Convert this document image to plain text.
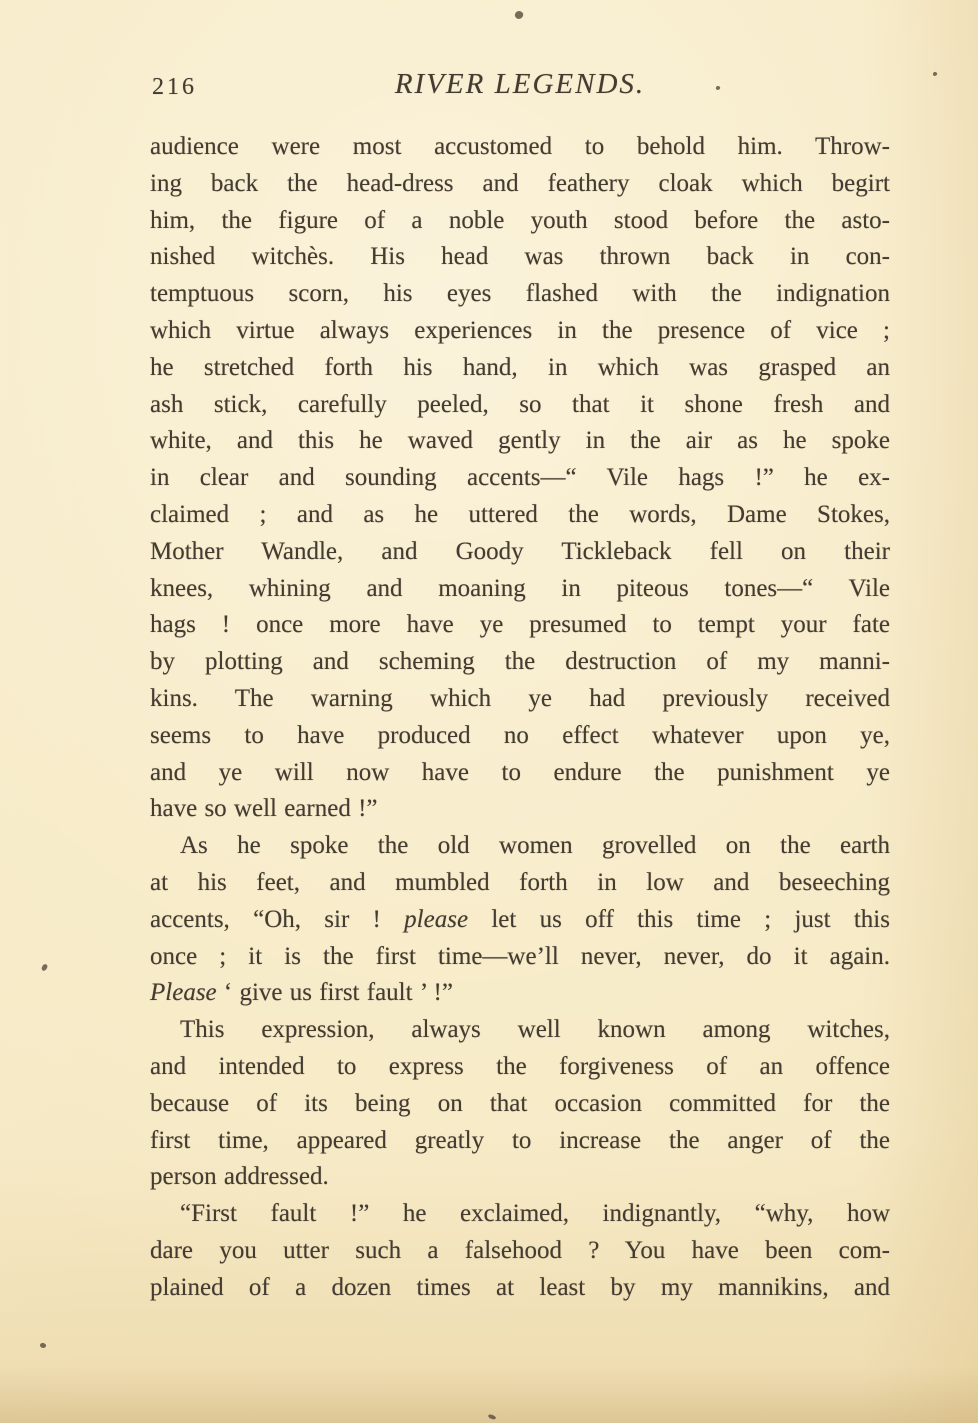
216	RIVER LEGENDS.
audience were most accustomed to behold him. Throw-
ing back the head-dress and feathery cloak which begirt
him, the figure of a noble youth stood before the asto-
nished witchès. His head was thrown back in con-
temptuous scorn, his eyes flashed with the indignation
which virtue always experiences in the presence of vice ;
he stretched forth his hand, in which was grasped an
ash stick, carefully peeled, so that it shone fresh and
white, and this he waved gently in the air as he spoke
in clear and sounding accents—“ Vile hags !” he ex-
claimed ; and as he uttered the words, Dame Stokes,
Mother Wandle, and Goody Tickleback fell on their
knees, whining and moaning in piteous tones—“ Vile
hags ! once more have ye presumed to tempt your fate
by plotting and scheming the destruction of my manni-
kins. The warning which ye had previously received
seems to have produced no effect whatever upon ye,
and ye will now have to endure the punishment ye
have so well earned !”
As he spoke the old women grovelled on the earth
at his feet, and mumbled forth in low and beseeching
accents, “Oh, sir ! please let us off this time ; just this
once ; it is the first time—we’ll never, never, do it again.
Please ‘ give us first fault ’ !”
This expression, always well known among witches,
and intended to express the forgiveness of an offence
because of its being on that occasion committed for the
first time, appeared greatly to increase the anger of the
person addressed.
“First fault !” he exclaimed, indignantly, “why, how
dare you utter such a falsehood ? You have been com-
plained of a dozen times at least by my mannikins, and
